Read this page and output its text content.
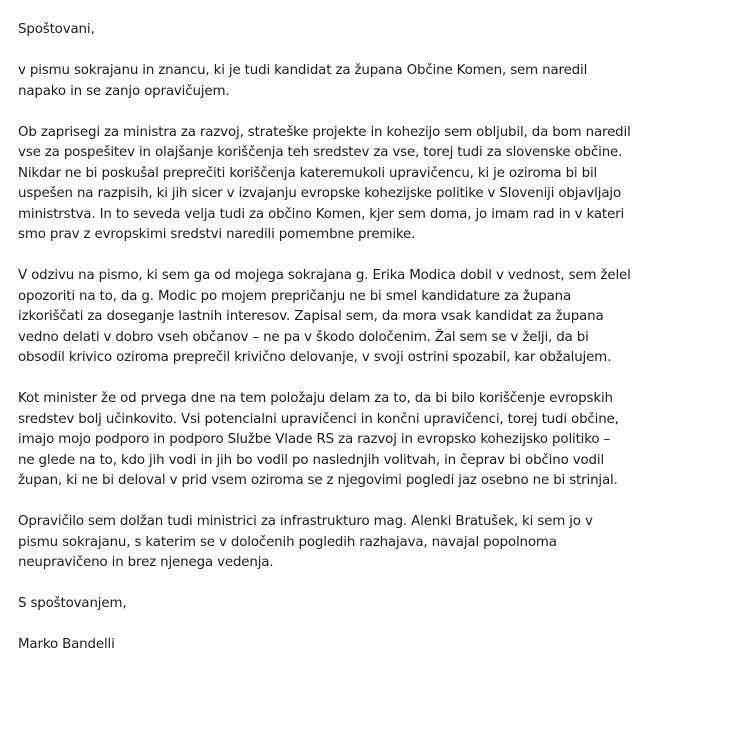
Spoštovani,

v pismu sokrajanu in znancu, ki je tudi kandidat za župana Občine Komen, sem naredil
napako in se zanjo opravičujem.

Ob zaprisegi za ministra za razvoj, strateške projekte in kohezijo sem obljubil, da bom naredil
vse za pospešitev in olajšanje koriščenja teh sredstev za vse, torej tudi za slovenske občine.
Nikdar ne bi poskušal preprečiti koriščenja kateremukoli upravičencu, ki je oziroma bi bil
uspešen na razpisih, ki jih sicer v izvajanju evropske kohezijske politike v Sloveniji objavljajo
ministrstva. In to seveda velja tudi za občino Komen, kjer sem doma, jo imam rad in v kateri
smo prav z evropskimi sredstvi naredili pomembne premike.

V odzivu na pismo, ki sem ga od mojega sokrajana g. Erika Modica dobil v vednost, sem želel
opozoriti na to, da g. Modic po mojem prepričanju ne bi smel kandidature za župana
izkoriščati za doseganje lastnih interesov. Zapisal sem, da mora vsak kandidat za župana
vedno delati v dobro vseh občanov – ne pa v škodo določenim. Žal sem se v želji, da bi
obsodil krivico oziroma preprečil krivično delovanje, v svoji ostrini spozabil, kar obžalujem.

Kot minister že od prvega dne na tem položaju delam za to, da bi bilo koriščenje evropskih
sredstev bolj učinkovito. Vsi potencialni upravičenci in končni upravičenci, torej tudi občine,
imajo mojo podporo in podporo Službe Vlade RS za razvoj in evropsko kohezijsko politiko –
ne glede na to, kdo jih vodi in jih bo vodil po naslednjih volitvah, in čeprav bi občino vodil
župan, ki ne bi deloval v prid vsem oziroma se z njegovimi pogledi jaz osebno ne bi strinjal.

Opravičilo sem dolžan tudi ministrici za infrastrukturo mag. Alenki Bratušek, ki sem jo v
pismu sokrajanu, s katerim se v določenih pogledih razhajava, navajal popolnoma
neupravičeno in brez njenega vedenja.

S spoštovanjem,

Marko Bandelli
